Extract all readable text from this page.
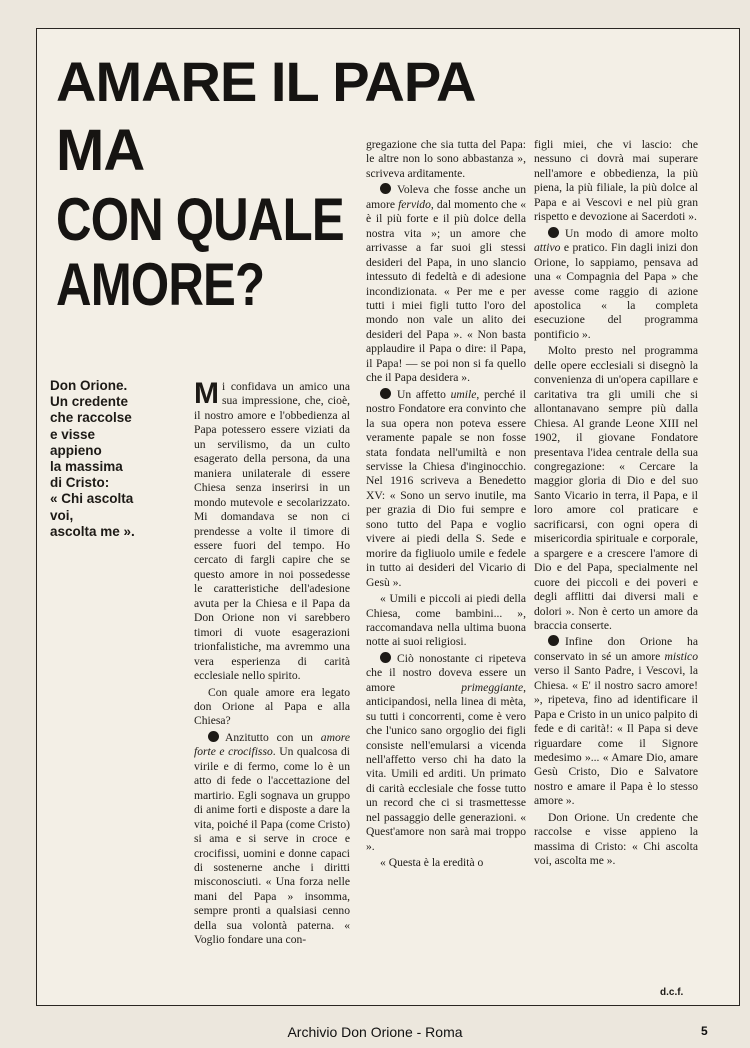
AMARE IL PAPA
MA
CON QUALE
AMORE?

Don Orione.
Un credente
che raccolse
e visse
appieno
la massima
di Cristo:
« Chi ascolta
voi,
ascolta me ».

Mi confidava un amico una sua impressione, che, cioè, il nostro amore e l'obbedienza al Papa potessero essere viziati da un servilismo, da un culto esagerato della persona, da una maniera unilaterale di essere Chiesa senza inserirsi in un mondo mutevole e secolarizzato. Mi domandava se non ci prendesse a volte il timore di essere fuori del tempo. Ho cercato di fargli capire che se questo amore in noi possedesse le caratteristiche dell'adesione avuta per la Chiesa e il Papa da Don Orione non vi sarebbero timori di vuote esagerazioni trionfalistiche, ma avremmo una vera esperienza di carità ecclesiale nello spirito.

Con quale amore era legato don Orione al Papa e alla Chiesa?

Anzitutto con un amore forte e crocifisso. Un qualcosa di virile e di fermo, come lo è un atto di fede o l'accettazione del martirio. Egli sognava un gruppo di anime forti e disposte a dare la vita, poiché il Papa (come Cristo) si ama e si serve in croce e crocifissi, uomini e donne capaci di sostenerne anche i diritti misconosciuti. « Una forza nelle mani del Papa » insomma, sempre pronti a qualsiasi cenno della sua volontà paterna. « Voglio fondare una con-

gregazione che sia tutta del Papa: le altre non lo sono abbastanza », scriveva arditamente.

Voleva che fosse anche un amore fervido, dal momento che « è il più forte e il più dolce della nostra vita »; un amore che arrivasse a far suoi gli stessi desideri del Papa, in uno slancio intessuto di fedeltà e di adesione incondizionata. « Per me e per tutti i miei figli tutto l'oro del mondo non vale un alito dei desideri del Papa ». « Non basta applaudire il Papa o dire: il Papa, il Papa! — se poi non si fa quello che il Papa desidera ».

Un affetto umile, perché il nostro Fondatore era convinto che la sua opera non poteva essere veramente papale se non fosse stata fondata nell'umiltà e non servisse la Chiesa d'inginocchio. Nel 1916 scriveva a Benedetto XV: « Sono un servo inutile, ma per grazia di Dio fui sempre e sono tutto del Papa e voglio vivere ai piedi della S. Sede e morire da figliuolo umile e fedele in tutto ai desideri del Vicario di Gesù ».

« Umili e piccoli ai piedi della Chiesa, come bambini... », raccomandava nella ultima buona notte ai suoi religiosi.

Ciò nonostante ci ripeteva che il nostro doveva essere un amore primeggiante, anticipandosi, nella linea di mèta, su tutti i concorrenti, come è vero che l'unico sano orgoglio dei figli consiste nell'emularsi a vicenda nell'affetto verso chi ha dato la vita. Umili ed arditi. Un primato di carità ecclesiale che fosse tutto un record che ci si trasmettesse nel passaggio delle generazioni. « Quest'amore non sarà mai troppo ».

« Questa è la eredità o

figli miei, che vi lascio: che nessuno ci dovrà mai superare nell'amore e obbedienza, la più piena, la più filiale, la più dolce al Papa e ai Vescovi e nel più gran rispetto e devozione ai Sacerdoti ».

Un modo di amore molto attivo e pratico. Fin dagli inizi don Orione, lo sappiamo, pensava ad una « Compagnia del Papa » che avesse come raggio di azione apostolica « la completa esecuzione del programma pontificio ».

Molto presto nel programma delle opere ecclesiali si disegnò la convenienza di un'opera capillare e caritativa tra gli umili che si allontanavano sempre più dalla Chiesa. Al grande Leone XIII nel 1902, il giovane Fondatore presentava l'idea centrale della sua congregazione: « Cercare la maggior gloria di Dio e del suo Santo Vicario in terra, il Papa, e il loro amore col praticare e sacrificarsi, con ogni opera di misericordia spirituale e corporale, a spargere e a crescere l'amore di Dio e del Papa, specialmente nel cuore dei piccoli e dei poveri e degli afflitti dai diversi mali e dolori ». Non è certo un amore da braccia conserte.

Infine don Orione ha conservato in sé un amore mistico verso il Santo Padre, i Vescovi, la Chiesa. « E' il nostro sacro amore! », ripeteva, fino ad identificare il Papa e Cristo in un unico palpito di fede e di carità!: « Il Papa si deve riguardare come il Signore medesimo »... « Amare Dio, amare Gesù Cristo, Dio e Salvatore nostro e amare il Papa è lo stesso amore ».

Don Orione. Un credente che raccolse e visse appieno la massima di Cristo: « Chi ascolta voi, ascolta me ».

d.c.f.

Archivio Don Orione - Roma	5
